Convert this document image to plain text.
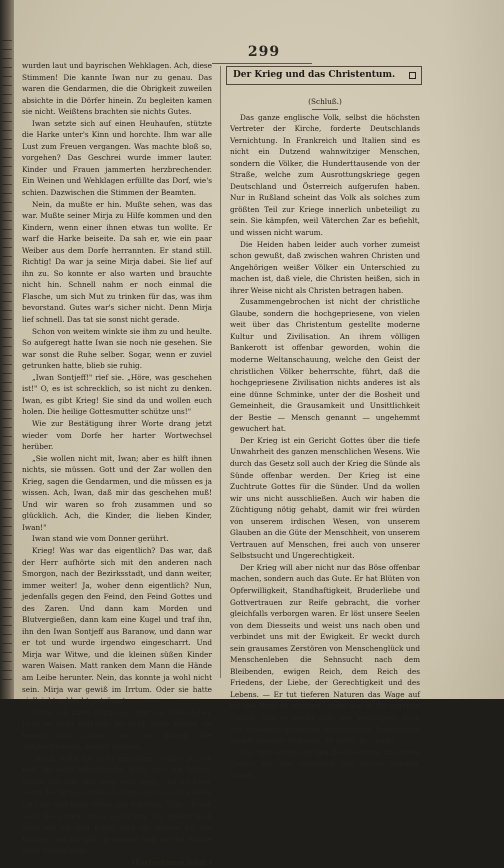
299

wurden laut und bayrischen Wehklagen. Ach, diese Stimmen! Die kannte Iwan nur zu genau. Das waren die Gendarmen, die die Obrigkeit zuweilen absichte in die Dörfer hinein. Zu begleiten kamen sie nicht. Weißtens brachten sie nichts Gutes.

Iwan setzte sich auf einen Heuhaufen, stützte die Harke unter's Kinn und horchte. Ihm war alle Lust zum Freuen vergangen. Was machte bloß so, vorgehen? Das Geschrei wurde immer lauter. Kinder und Frauen jammerten herzbrechender. Ein Weinen und Wehklagen erfüllte das Dorf, wie's schien. Dazwischen die Stimmen der Beamten.

Nein, da mußte er hin. Mußte sehen, was das war. Mußte seiner Mirja zu Hilfe kommen und den Kindern, wenn einer ihnen etwas tun wollte. Er warf die Harke beiseite. Da sah er, wie ein paar Weiber aus dem Dorfe herrannten. Er stand still. Richtig! Da war ja seine Mirja dabei. Sie lief auf ihn zu. So konnte er also warten und brauchte nicht hin. Schnell nahm er noch einmal die Flasche, um sich Mut zu trinken für das, was ihm bevorstand. Gutes war's sicher nicht. Denn Mirja lief schnell. Das tat sie sonst nicht gerade.

Schon von weitem winkte sie ihm zu und heulte. So aufgeregt hatte Iwan sie noch nie gesehen. Sie war sonst die Ruhe selber. Sogar, wenn er zuviel getrunken hatte, blieb sie ruhig.

„Iwan Sontjeff!" rief sie. „Höre, was geschehen ist!" O, es ist schrecklich, so ist nicht zu denken. Iwan, es gibt Krieg! Sie sind da und wollen euch holen. Die heilige Gottesmutter schütze uns!"

Wie zur Bestätigung ihrer Worte drang jetzt wieder vom Dorfe her harter Wortwechsel herüber.

„Sie wollen nicht mit, Iwan; aber es hilft ihnen nichts, sie müssen. Gott und der Zar wollen den Krieg, sagen die Gendarmen, und die müssen es ja wissen. Ach, Iwan, daß mir das geschehen muß! Und wir waren so froh zusammen und so glücklich. Ach, die Kinder, die lieben Kinder, Iwan!"

Iwan stand wie vom Donner gerührt.

Krieg! Was war das eigentlich? Das war, daß der Herr aufhörte sich mit den anderen nach Smorgon, nach der Bezirksstadt, und dann weiter, immer weiter! Ja, woher denn eigentlich? Nun, jedenfalls gegen den Feind, den Feind Gottes und des Zaren. Und dann kam Morden und Blutvergießen, dann kam eine Kugel und traf ihn, ihn den Iwan Sontjeff aus Baranow, und dann war er tot und wurde irgendwo eingescharrt. Und Mirja war Witwe, und die kleinen süßen Kinder waren Waisen. Matt ranken dem Mann die Hände am Leibe herunter. Nein, das konnte ja wohl nicht sein. Mirja war gewiß im Irrtum. Oder sie hatte vielleicht schlecht geträumt.

Mirja sah ihren Mann an. Aber sie blieb dabei. Iwan er nicht mitkäme ins Dorf, dann kämen sie heraus und holten ihn. Sie hätten alle aufgeschrieben, die mit müßten.

„Iwan, willst du nicht herlaufen? Siehst du, ich hab' dir Geld mitgebracht, alles, was wir haben. Nimm das und lauf weg, weit weg! Und nachher, wenn der Krieg vorbei ist, dann kommst du wieder. Und ich will mich schon gut erhalten. Und ich will auch die Arbeit schon allein tun. Wir haben doch wohl ein bißchen Ruhe, und die Bienen für die Kinder, und ich will sie warten und sie die Woche nicht totschlagen."

(Fortsetzung folgt.)

Der Krieg und das Christentum.

(Schluß.)

Das ganze englische Volk, selbst die höchsten Vertreter der Kirche, forderte Deutschlands Vernichtung. In Frankreich und Italien sind es nicht ein Dutzend wahnwitziger Menschen, sondern die Völker, die Hunderttausende von der Straße, welche zum Ausrottungskriege gegen Deutschland und Österreich aufgerufen haben. Nur in Rußland scheint das Volk als solches zum größten Teil zur Kriege innerlich unbeteiligt zu sein. Sie kämpfen, weil Väterchen Zar es befiehlt, und wissen nicht warum.

Die Heiden haben leider auch vorher zumeist schon gewußt, daß zwischen wahren Christen und Angehörigen weißer Völker ein Unterschied zu machen ist, daß viele, die Christen heißen, sich in ihrer Weise nicht als Christen betragen haben.

Zusammengebrochen ist nicht der christliche Glaube, sondern die hochgepriesene, von vielen weit über das Christentum gestellte moderne Kultur und Zivilisation. An ihrem völligen Bankerott ist offenbar geworden, wohin die moderne Weltanschauung, welche den Geist der christlichen Völker beherrschte, führt, daß die hochgepriesene Zivilisation nichts anderes ist als eine dünne Schminke, unter der die Bosheit und Gemeinheit, die Grausamkeit und Unsittlichkeit der Bestie — Mensch genannt — ungehemmt gewuchert hat.

Der Krieg ist ein Gericht Gottes über die tiefe Unwahrheit des ganzen menschlichen Wesens. Wie durch das Gesetz soll auch der Krieg die Sünde als Sünde offenbar werden. Der Krieg ist eine Zuchtrute Gottes für die Sünder. Und da wollen wir uns nicht ausschließen. Auch wir haben die Züchtigung nötig gehabt, damit wir frei würden von unserem irdischen Wesen, von unserem Glauben an die Güte der Menschheit, von unserem Vertrauen auf Menschen, frei auch von unserer Selbstsucht und Ungerechtigkeit.

Der Krieg will aber nicht nur das Böse offenbar machen, sondern auch das Gute. Er hat Blüten von Opferwilligkeit, Standhaftigkeit, Bruderliebe und Gottvertrauen zur Reife gebracht, die vorher gleichfalls verborgen waren. Er löst unsere Seelen von dem Diesseits und weist uns nach oben und verbindet uns mit der Ewigkeit. Er weckt durch sein grausames Zerstören von Menschenglück und Menschenleben die Sehnsucht nach dem Bleibenden, ewigen Reich, dem Reich des Friedens, der Liebe, der Gerechtigkeit und des Lebens. — Er tut tieferen Naturen das Wage auf für das Böse im eigenen Leben und in der eigenen Nation, und er weckt statt des Verlangens nach der sündenvergebenden erneuernden, heiligenden Gnade unseres Heilands. Er treibt ins Gebet.

Das sind einige von den Zwecken und Absichten Gottes, die wir verstehen und fassen können. Daran
